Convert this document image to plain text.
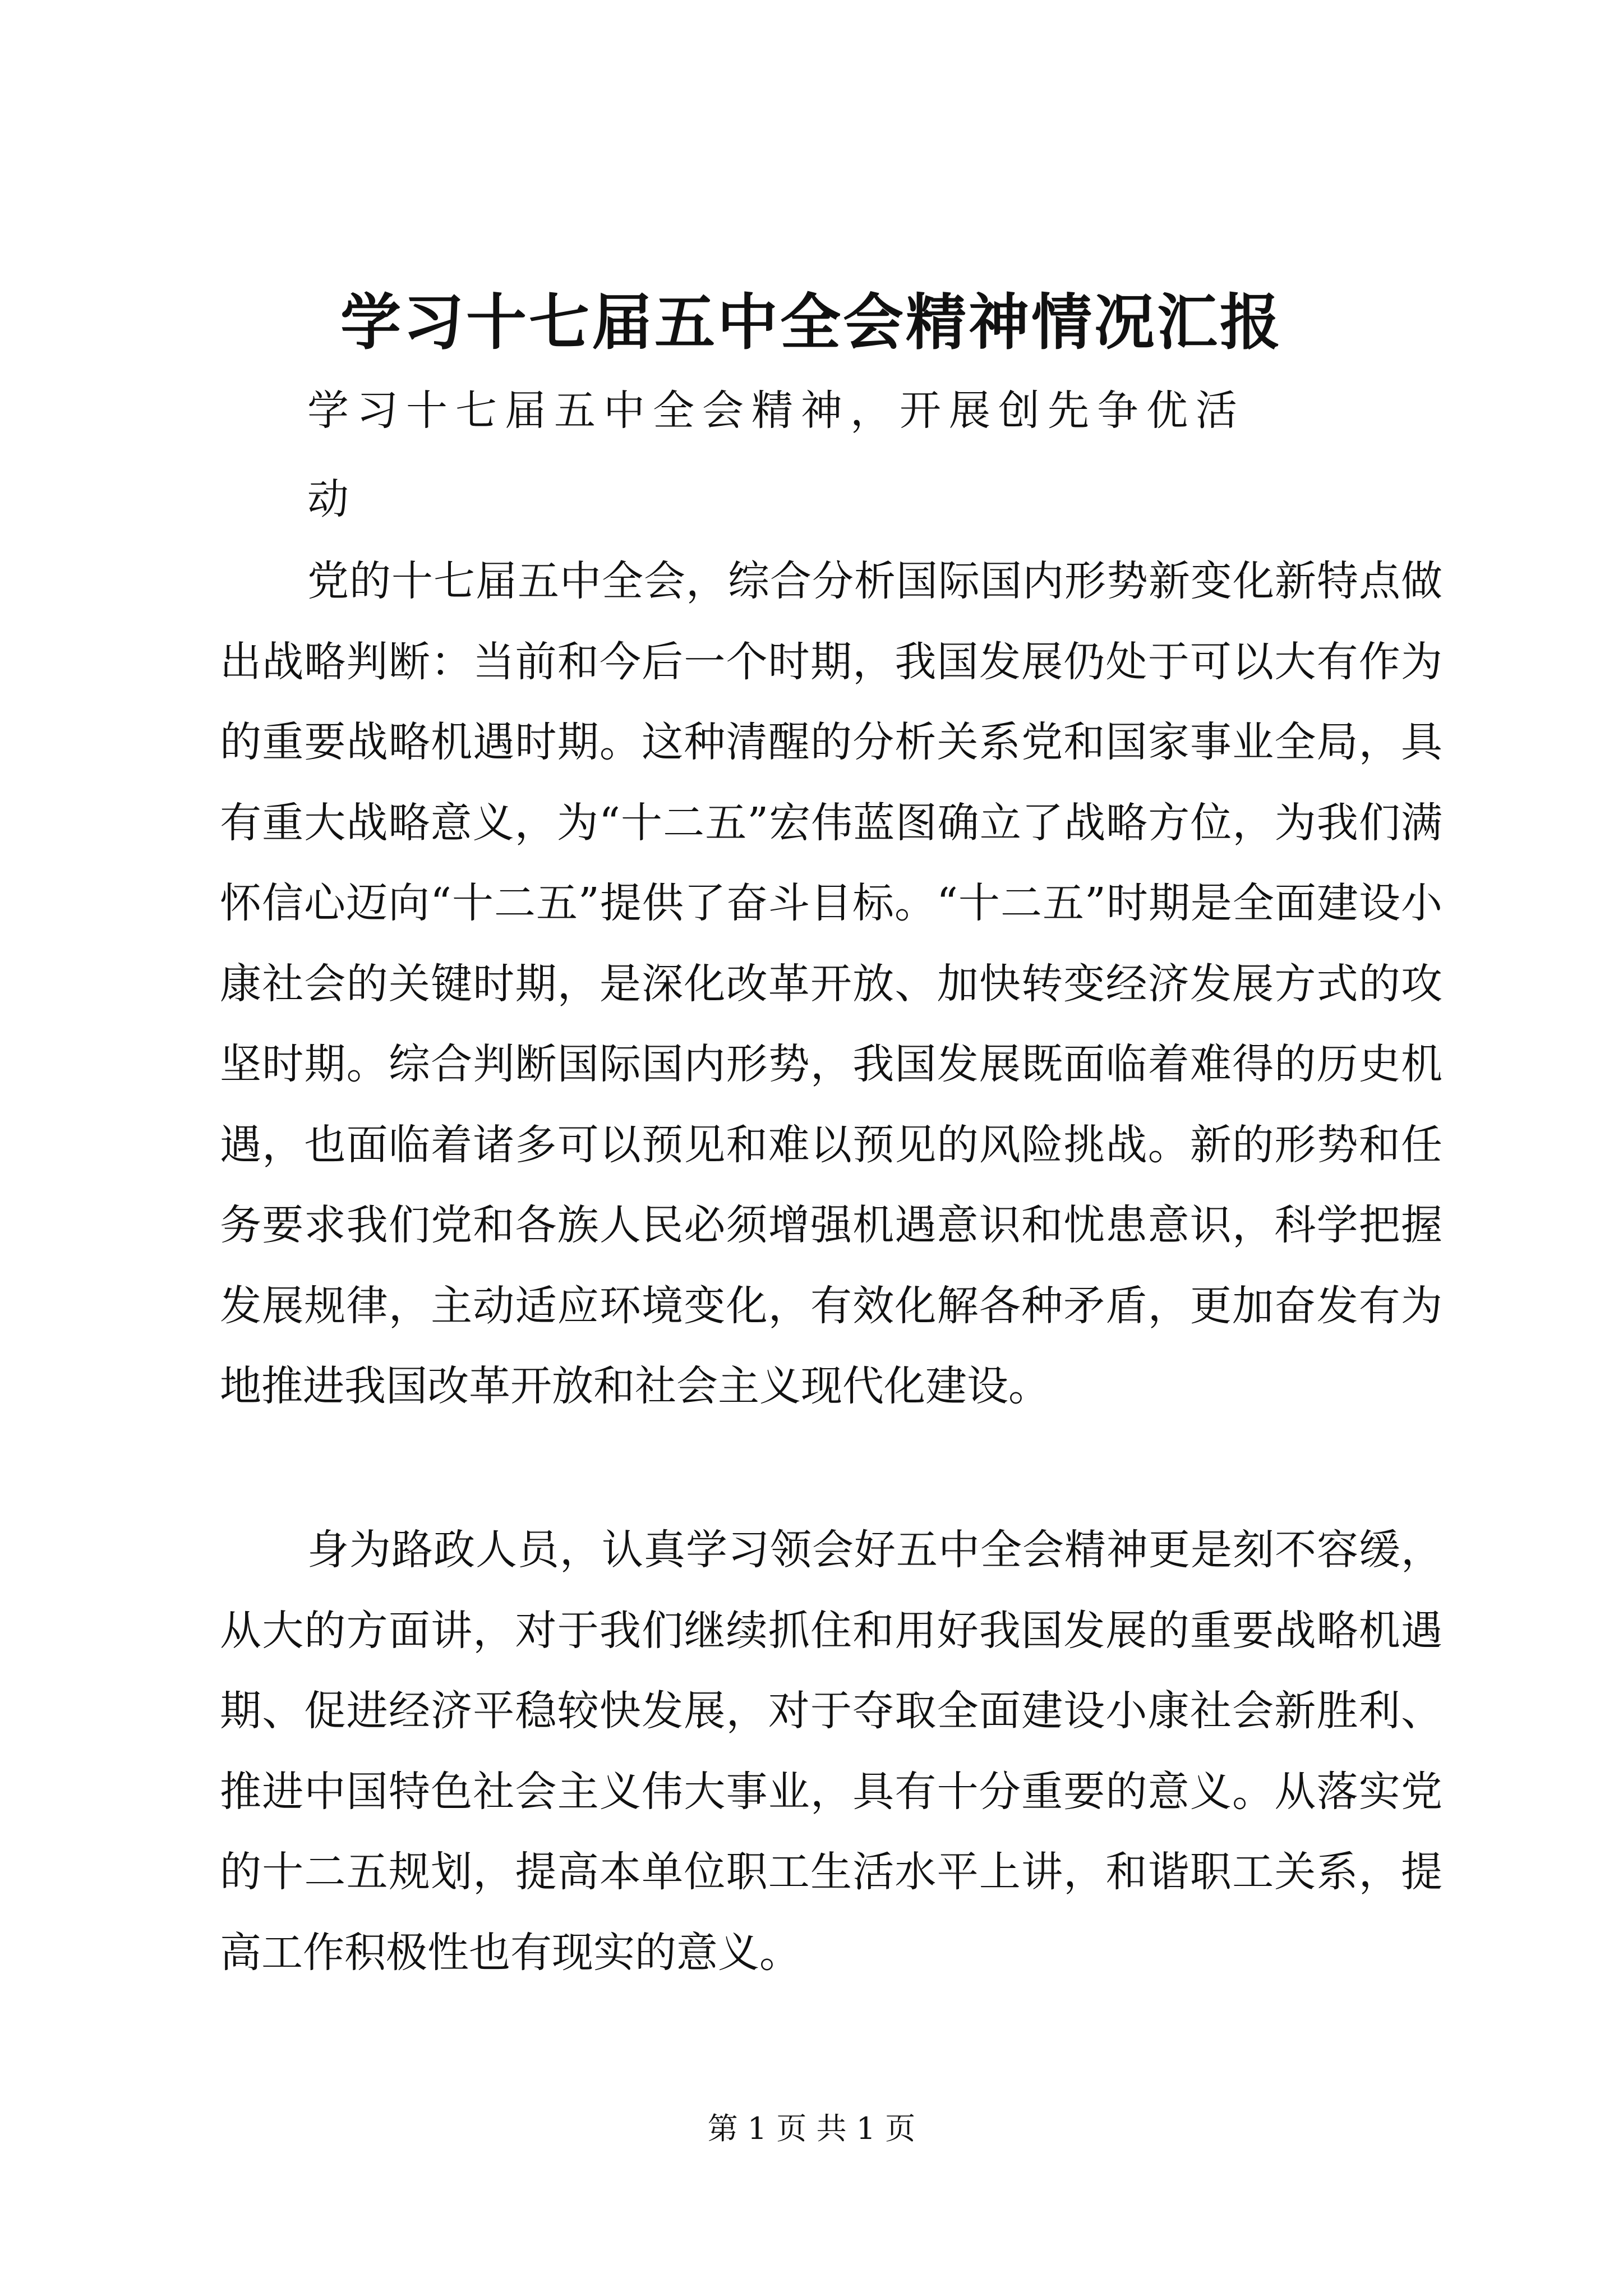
学习十七届五中全会精神情况汇报
学习十七届五中全会精神，开展创先争优活
动

党的十七届五中全会，综合分析国际国内形势新变化新特点做出战略判断：当前和今后一个时期，我国发展仍处于可以大有作为的重要战略机遇时期。这种清醒的分析关系党和国家事业全局，具有重大战略意义，为“十二五”宏伟蓝图确立了战略方位，为我们满怀信心迈向“十二五”提供了奋斗目标。“十二五”时期是全面建设小康社会的关键时期，是深化改革开放、加快转变经济发展方式的攻坚时期。综合判断国际国内形势，我国发展既面临着难得的历史机遇，也面临着诸多可以预见和难以预见的风险挑战。新的形势和任务要求我们党和各族人民必须增强机遇意识和忧患意识，科学把握发展规律，主动适应环境变化，有效化解各种矛盾，更加奋发有为地推进我国改革开放和社会主义现代化建设。

身为路政人员，认真学习领会好五中全会精神更是刻不容缓，从大的方面讲，对于我们继续抓住和用好我国发展的重要战略机遇期、促进经济平稳较快发展，对于夺取全面建设小康社会新胜利、推进中国特色社会主义伟大事业，具有十分重要的意义。从落实党的十二五规划，提高本单位职工生活水平上讲，和谐职工关系，提高工作积极性也有现实的意义。

第 1 页 共 1 页
